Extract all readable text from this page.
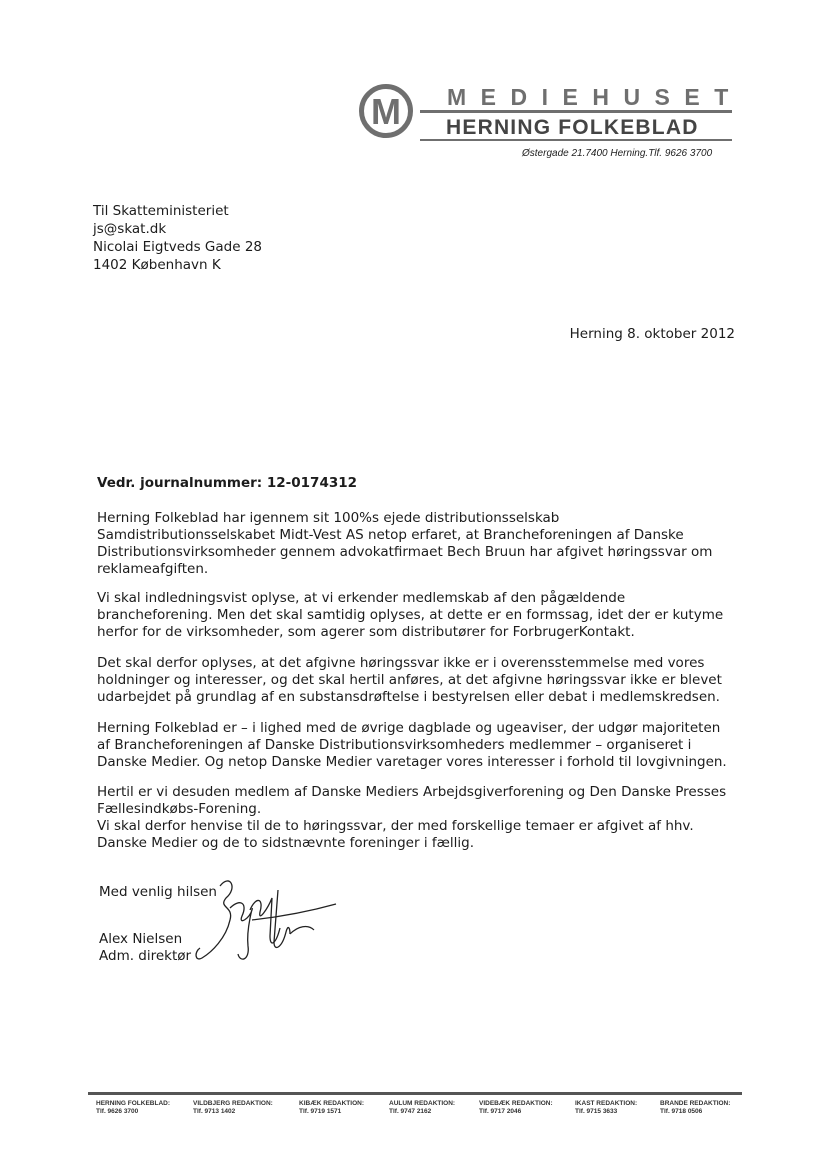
M	MEDIEHUSET
HERNING FOLKEBLAD
Østergade 21.7400 Herning.Tlf. 9626 3700
Til Skatteministeriet
js@skat.dk
Nicolai Eigtveds Gade 28
1402 København K
Herning 8. oktober 2012
Vedr. journalnummer: 12-0174312

Herning Folkeblad har igennem sit 100%s ejede distributionsselskab

Samdistributionsselskabet Midt-Vest AS netop erfaret, at Brancheforeningen af Danske

Distributionsvirksomheder gennem advokatfirmaet Bech Bruun har afgivet høringssvar om

reklameafgiften.

Vi skal indledningsvist oplyse, at vi erkender medlemskab af den pågældende

brancheforening. Men det skal samtidig oplyses, at dette er en formssag, idet der er kutyme

herfor for de virksomheder, som agerer som distributører for ForbrugerKontakt.

Det skal derfor oplyses, at det afgivne høringssvar ikke er i overensstemmelse med vores

holdninger og interesser, og det skal hertil anføres, at det afgivne høringssvar ikke er blevet

udarbejdet på grundlag af en substansdrøftelse i bestyrelsen eller debat i medlemskredsen.

Herning Folkeblad er – i lighed med de øvrige dagblade og ugeaviser, der udgør majoriteten

af Brancheforeningen af Danske Distributionsvirksomheders medlemmer – organiseret i

Danske Medier. Og netop Danske Medier varetager vores interesser i forhold til lovgivningen.

Hertil er vi desuden medlem af Danske Mediers Arbejdsgiverforening og Den Danske Presses

Fællesindkøbs-Forening.

Vi skal derfor henvise til de to høringssvar, der med forskellige temaer er afgivet af hhv.

Danske Medier og de to sidstnævnte foreninger i fællig.

Med venlig hilsen
Alex Nielsen
Adm. direktør
HERNING FOLKEBLAD:
Tlf. 9626 3700
VILDBJERG REDAKTION:
Tlf. 9713 1402
KIBÆK REDAKTION:
Tlf. 9719 1571
AULUM REDAKTION:
Tlf. 9747 2162
VIDEBÆK REDAKTION:
Tlf. 9717 2046
IKAST REDAKTION:
Tlf. 9715 3633
BRANDE REDAKTION:
Tlf. 9718 0506
